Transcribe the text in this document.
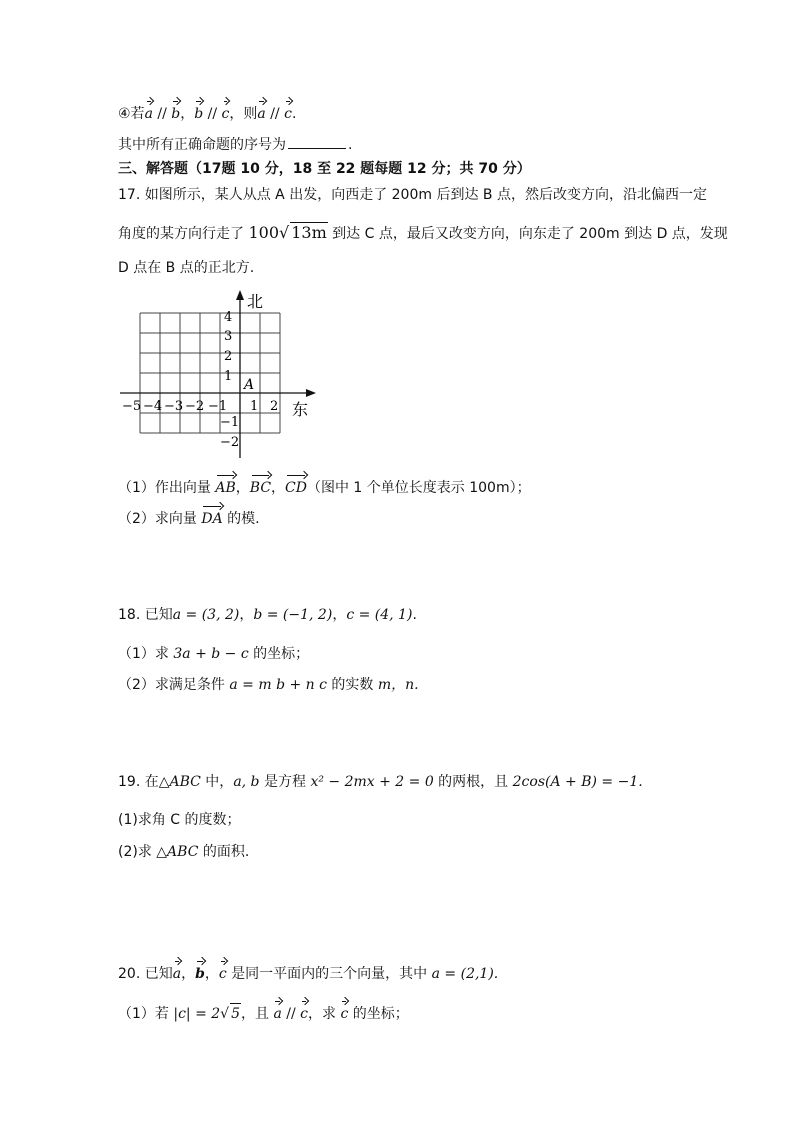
④若a // b，b // c，则a // c.
其中所有正确命题的序号为	.
三、解答题（17题 10 分，18 至 22 题每题 12 分；共 70 分）
17. 如图所示，某人从点 A 出发，向西走了 200m 后到达 B 点，然后改变方向，沿北偏西一定
角度的某方向行走了 100√ 13m 到达 C 点，最后又改变方向，向东走了 200m 到达 D 点，发现
D 点在 B 点的正北方.
北
东
A
−5 −4 −3 −2 −1 1 2
4
3
2
1
−1
−2
（1）作出向量 AB，BC，CD（图中 1 个单位长度表示 100m）；
（2）求向量 DA 的模.
18. 已知a = (3, 2)，b = (−1, 2)，c = (4, 1).
（1）求 3a + b − c 的坐标；
（2）求满足条件 a = m b + n c 的实数 m，n.
19. 在△ABC 中，a, b 是方程 x² − 2mx + 2 = 0 的两根，且 2cos(A + B) = −1.
(1)求角 C 的度数；
(2)求 △ABC 的面积.
20. 已知a，b，c 是同一平面内的三个向量，其中 a = (2,1).
（1）若 |c| = 2√ 5，且 a // c，求 c 的坐标；
